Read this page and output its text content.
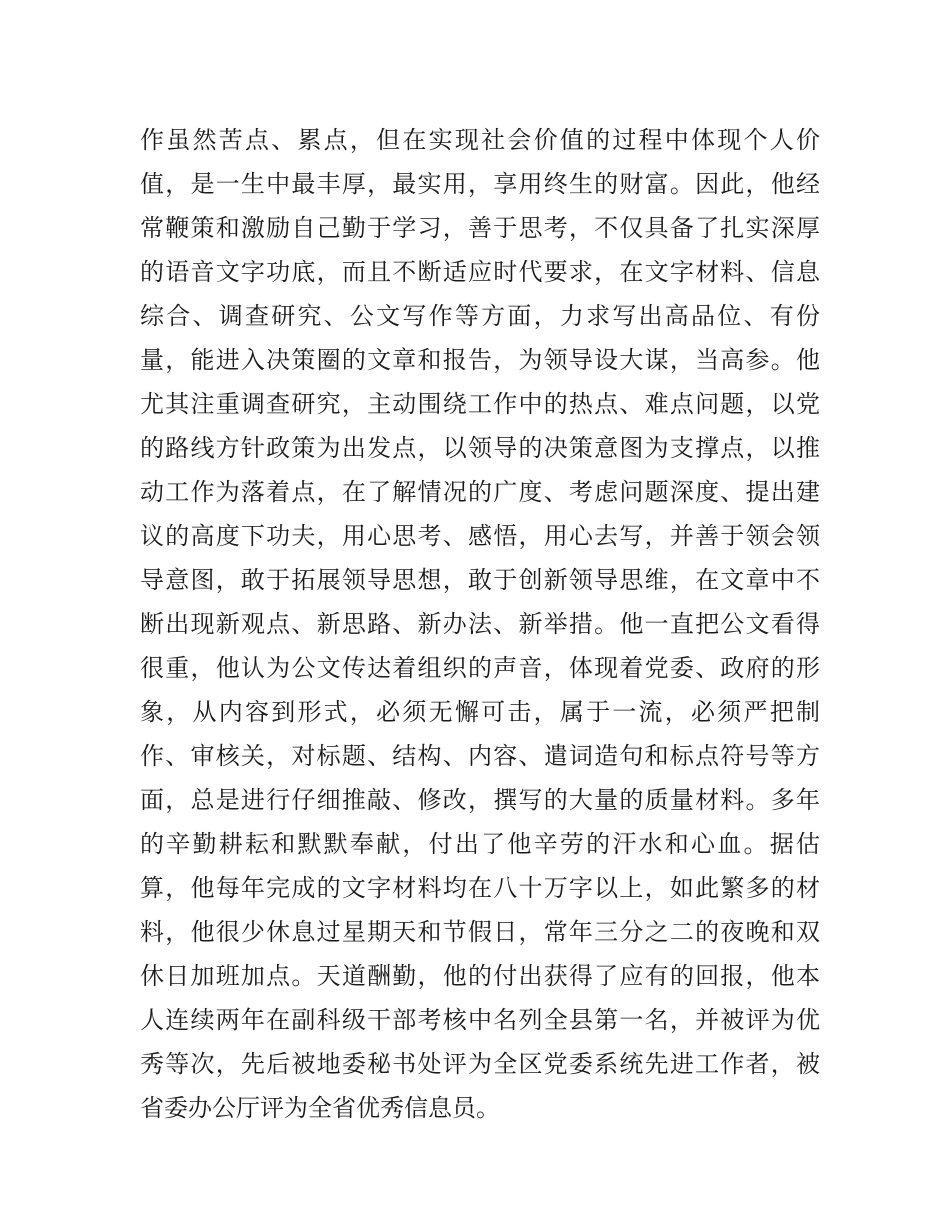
作虽然苦点、累点，但在实现社会价值的过程中体现个人价
值，是一生中最丰厚，最实用，享用终生的财富。因此，他经
常鞭策和激励自己勤于学习，善于思考，不仅具备了扎实深厚
的语音文字功底，而且不断适应时代要求，在文字材料、信息
综合、调查研究、公文写作等方面，力求写出高品位、有份
量，能进入决策圈的文章和报告，为领导设大谋，当高参。他
尤其注重调查研究，主动围绕工作中的热点、难点问题，以党
的路线方针政策为出发点，以领导的决策意图为支撑点，以推
动工作为落着点，在了解情况的广度、考虑问题深度、提出建
议的高度下功夫，用心思考、感悟，用心去写，并善于领会领
导意图，敢于拓展领导思想，敢于创新领导思维，在文章中不
断出现新观点、新思路、新办法、新举措。他一直把公文看得
很重，他认为公文传达着组织的声音，体现着党委、政府的形
象，从内容到形式，必须无懈可击，属于一流，必须严把制
作、审核关，对标题、结构、内容、遣词造句和标点符号等方
面，总是进行仔细推敲、修改，撰写的大量的质量材料。多年
的辛勤耕耘和默默奉献，付出了他辛劳的汗水和心血。据估
算，他每年完成的文字材料均在八十万字以上，如此繁多的材
料，他很少休息过星期天和节假日，常年三分之二的夜晚和双
休日加班加点。天道酬勤，他的付出获得了应有的回报，他本
人连续两年在副科级干部考核中名列全县第一名，并被评为优
秀等次，先后被地委秘书处评为全区党委系统先进工作者，被
省委办公厅评为全省优秀信息员。
